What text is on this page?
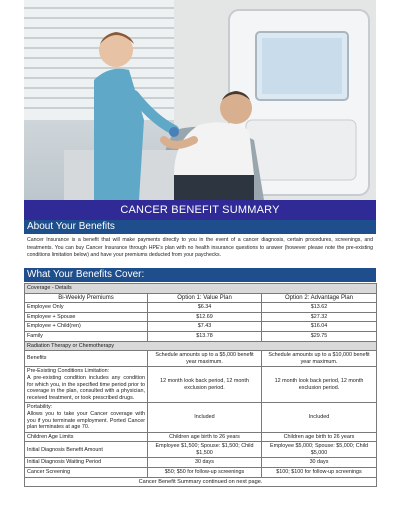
CANCER BENEFIT SUMMARY
About Your Benefits

Cancer Insurance is a benefit that will make payments directly to you in the event of a cancer diagnosis, certain procedures, screenings, and treatments. You can buy Cancer Insurance through HPE's plan with no health insurance questions to answer (however please note the pre-existing conditions limitation below) and have your premiums deducted from your paychecks.

What Your Benefits Cover:
Coverage - Details		
Bi-Weekly Premiums	Option 1: Value Plan	Option 2: Advantage Plan
Employee Only	$6.34	$13.62
Employee + Spouse	$12.69	$27.32
Employee + Child(ren)	$7.43	$16.04
Family	$13.78	$29.75
Radiation Therapy or Chemotherapy		
Benefits	Schedule amounts up to a $5,000 benefit year maximum.	Schedule amounts up to a $10,000 benefit year maximum.

Pre-Existing Conditions Limitation:
A pre-existing condition includes any condition for which you, in the specified time period prior to coverage in the plan, consulted with a physician, received treatment, or took prescribed drugs.	12 month look back period, 12 month exclusion period.	12 month look back period, 12 month exclusion period.

Portability:
Allows you to take your Cancer coverage with you if you terminate employment. Ported Cancer plan terminates at age 70.	Included	Included
Children Age Limits	Children age birth to 26 years	Children age birth to 26 years
Initial Diagnosis Benefit Amount	Employee $1,500; Spouse: $1,500; Child $1,500	Employee $5,000; Spouse: $5,000; Child $5,000
Initial Diagnosis Waiting Period	30 days	30 days
Cancer Screening	$50; $50 for follow-up screenings	$100; $100 for follow-up screenings
Cancer Benefit Summary continued on next page.		
